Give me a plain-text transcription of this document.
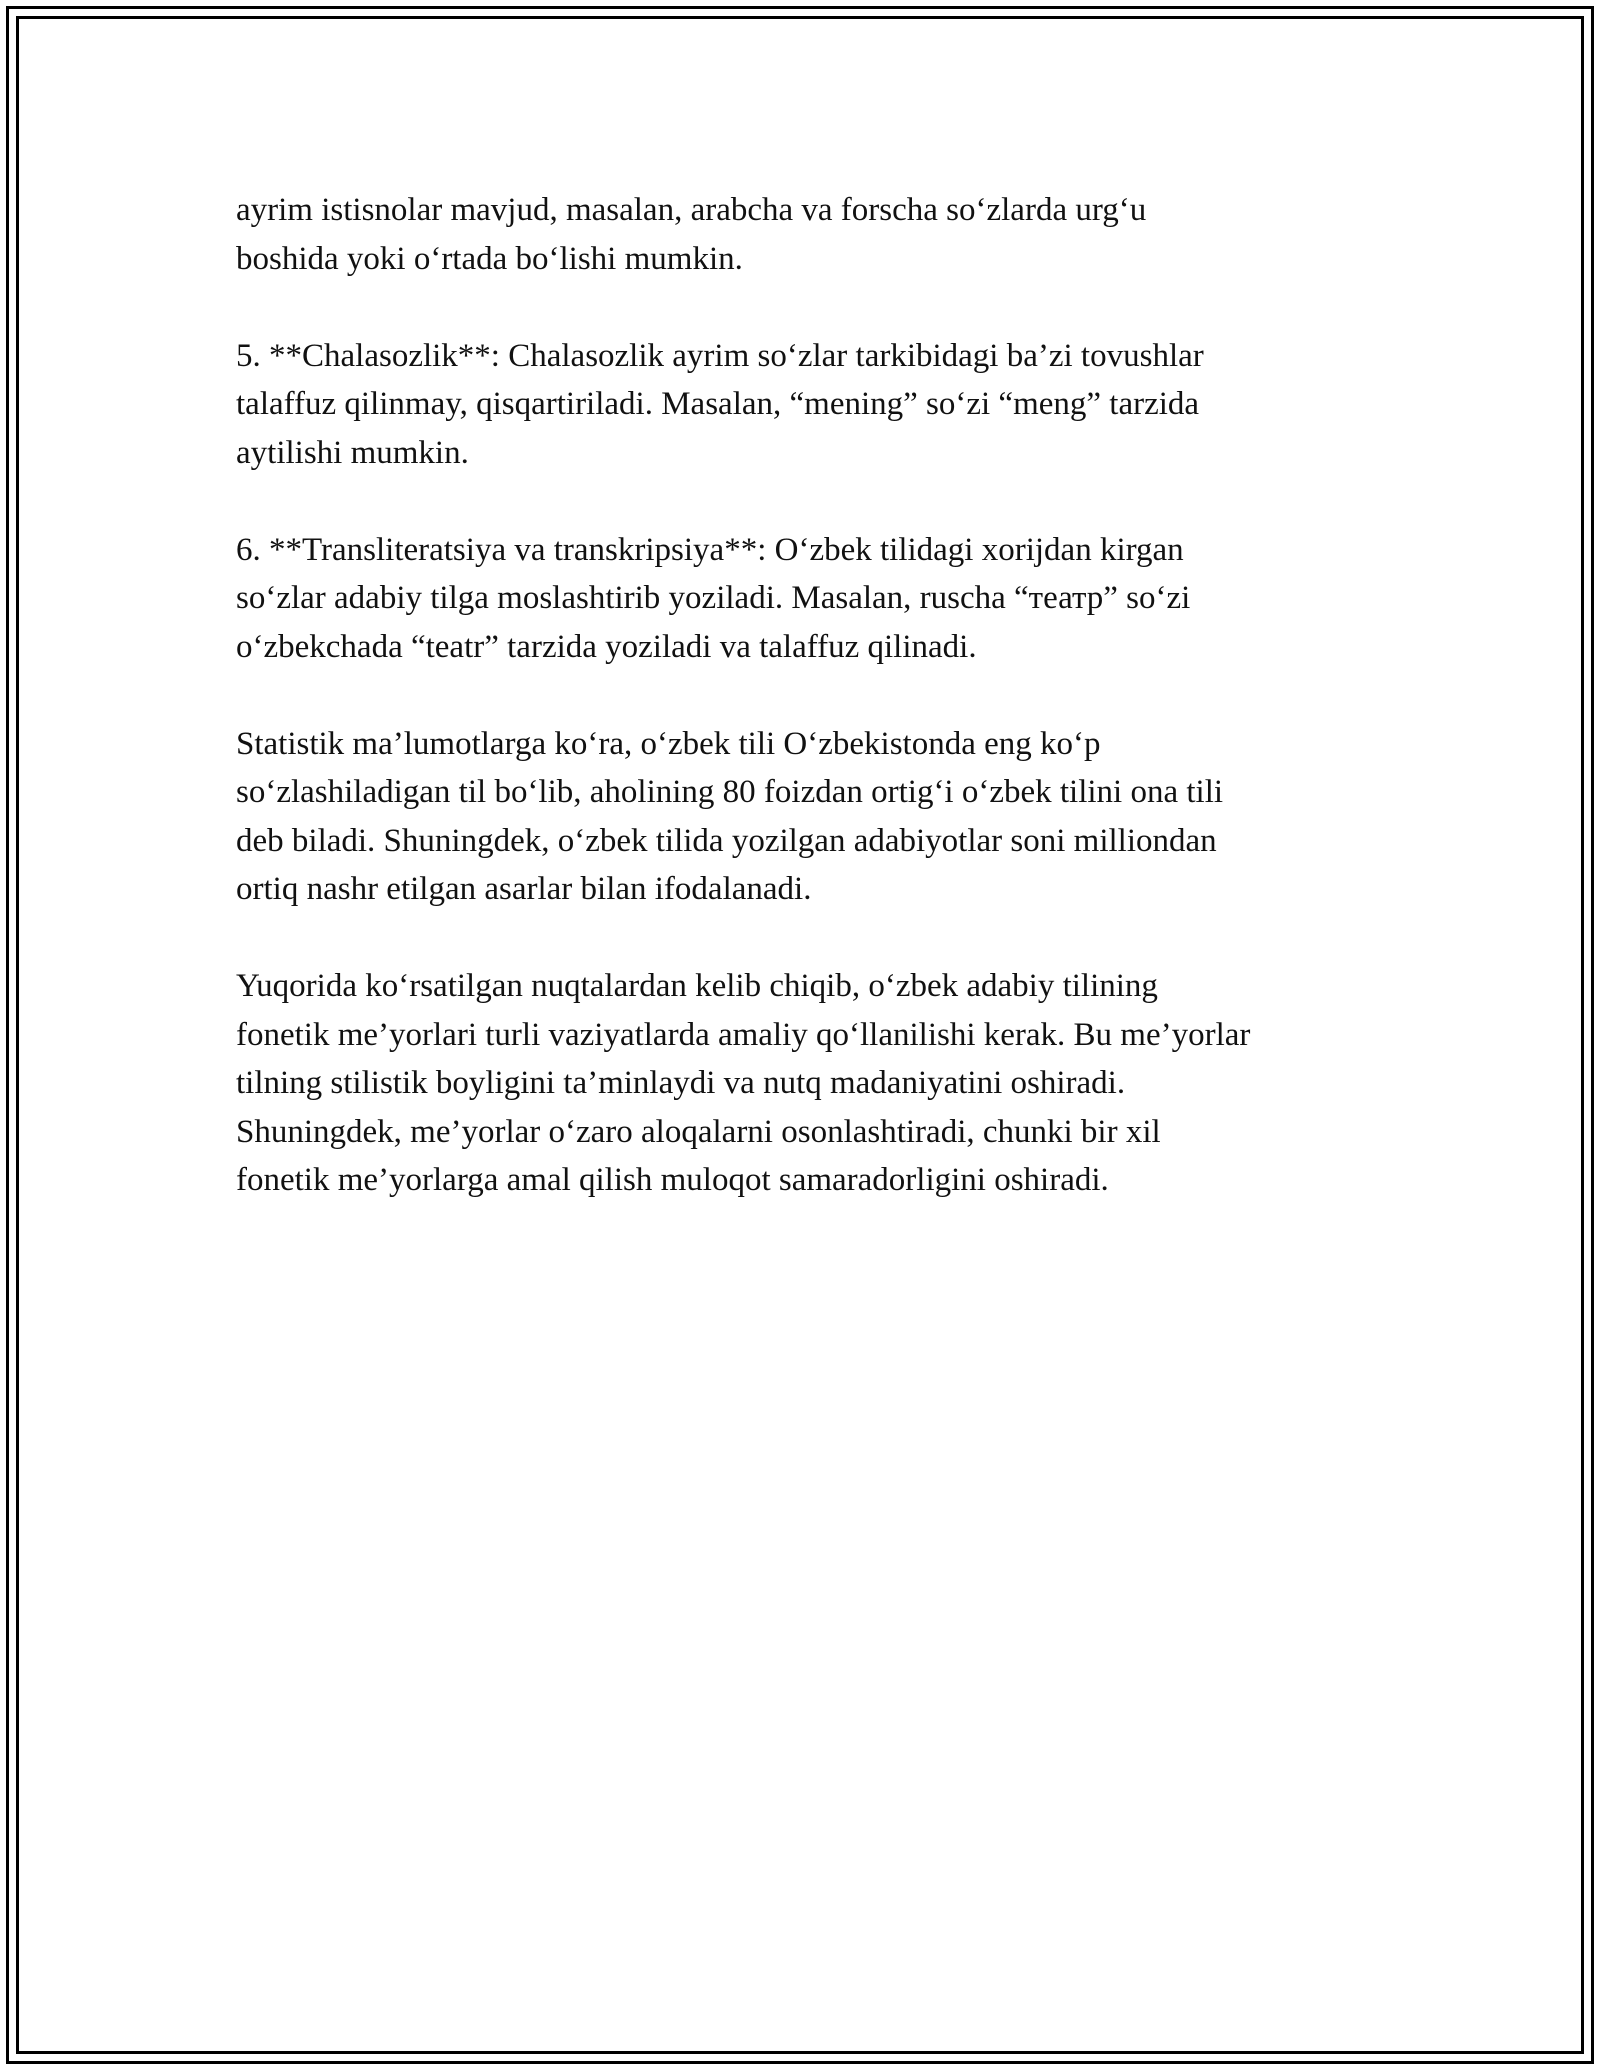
ayrim istisnolar mavjud, masalan, arabcha va forscha so‘zlarda urg‘u
boshida yoki o‘rtada bo‘lishi mumkin.

5. **Chalasozlik**: Chalasozlik ayrim so‘zlar tarkibidagi ba’zi tovushlar
talaffuz qilinmay, qisqartiriladi. Masalan, “mening” so‘zi “meng” tarzida
aytilishi mumkin.

6. **Transliteratsiya va transkripsiya**: O‘zbek tilidagi xorijdan kirgan
so‘zlar adabiy tilga moslashtirib yoziladi. Masalan, ruscha “театр” so‘zi
o‘zbekchada “teatr” tarzida yoziladi va talaffuz qilinadi.

Statistik ma’lumotlarga ko‘ra, o‘zbek tili O‘zbekistonda eng ko‘p
so‘zlashiladigan til bo‘lib, aholining 80 foizdan ortig‘i o‘zbek tilini ona tili
deb biladi. Shuningdek, o‘zbek tilida yozilgan adabiyotlar soni milliondan
ortiq nashr etilgan asarlar bilan ifodalanadi.

Yuqorida ko‘rsatilgan nuqtalardan kelib chiqib, o‘zbek adabiy tilining
fonetik me’yorlari turli vaziyatlarda amaliy qo‘llanilishi kerak. Bu me’yorlar
tilning stilistik boyligini ta’minlaydi va nutq madaniyatini oshiradi.
Shuningdek, me’yorlar o‘zaro aloqalarni osonlashtiradi, chunki bir xil
fonetik me’yorlarga amal qilish muloqot samaradorligini oshiradi.
